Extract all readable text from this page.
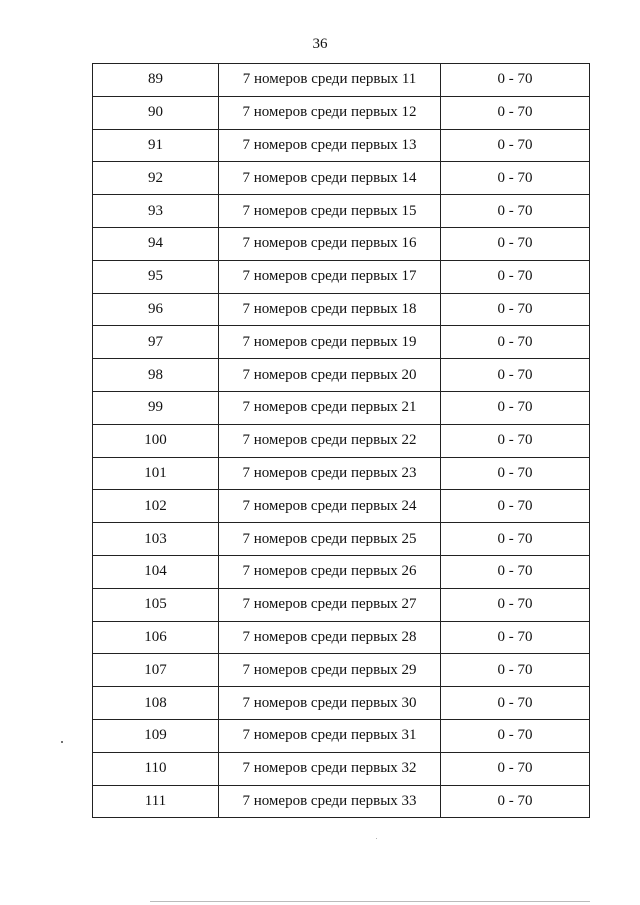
36
89	7 номеров среди первых 11	0 - 70
90	7 номеров среди первых 12	0 - 70
91	7 номеров среди первых 13	0 - 70
92	7 номеров среди первых 14	0 - 70
93	7 номеров среди первых 15	0 - 70
94	7 номеров среди первых 16	0 - 70
95	7 номеров среди первых 17	0 - 70
96	7 номеров среди первых 18	0 - 70
97	7 номеров среди первых 19	0 - 70
98	7 номеров среди первых 20	0 - 70
99	7 номеров среди первых 21	0 - 70
100	7 номеров среди первых 22	0 - 70
101	7 номеров среди первых 23	0 - 70
102	7 номеров среди первых 24	0 - 70
103	7 номеров среди первых 25	0 - 70
104	7 номеров среди первых 26	0 - 70
105	7 номеров среди первых 27	0 - 70
106	7 номеров среди первых 28	0 - 70
107	7 номеров среди первых 29	0 - 70
108	7 номеров среди первых 30	0 - 70
109	7 номеров среди первых 31	0 - 70
110	7 номеров среди первых 32	0 - 70
111	7 номеров среди первых 33	0 - 70
